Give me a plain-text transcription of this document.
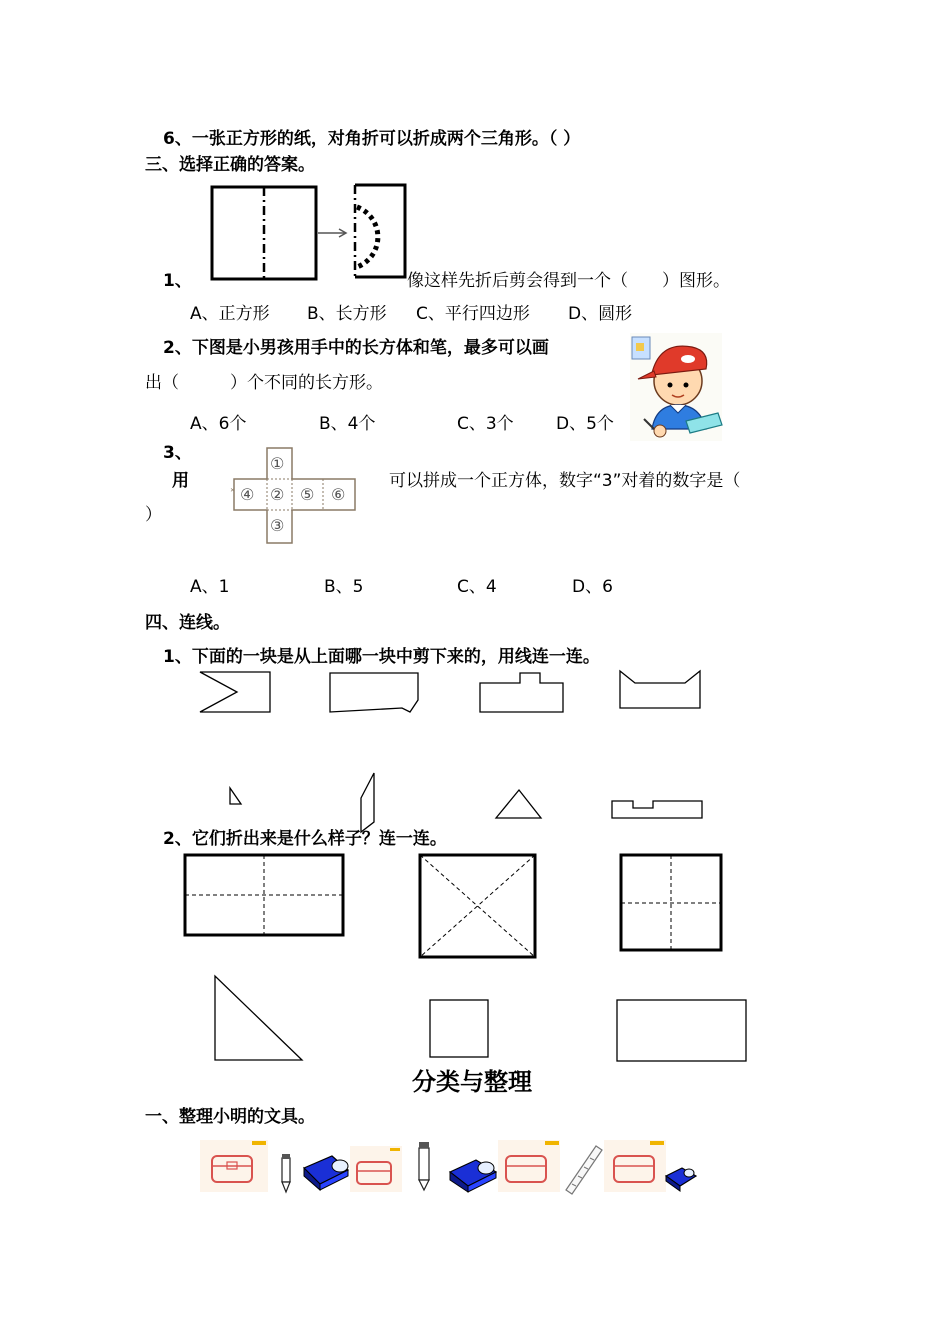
6、一张正方形的纸，对角折可以折成两个三角形。（ ）
三、选择正确的答案。
1、	像这样先折后剪会得到一个（　　）图形。
A、正方形 B、长方形 C、平行四边形 D、圆形
2、下图是小男孩用手中的长方体和笔，最多可以画
出（　　　）个不同的长方形。
A、6个	B、4个	C、3个 D、5个
3、
用	可以拼成一个正方体，数字“3”对着的数字是（
）
✕
①
④ ② ⑤ ⑥
③
A、1	B、5	C、4	D、6
四、连线。
1、下面的一块是从上面哪一块中剪下来的，用线连一连。
2、它们折出来是什么样子？连一连。
分类与整理
一、整理小明的文具。
